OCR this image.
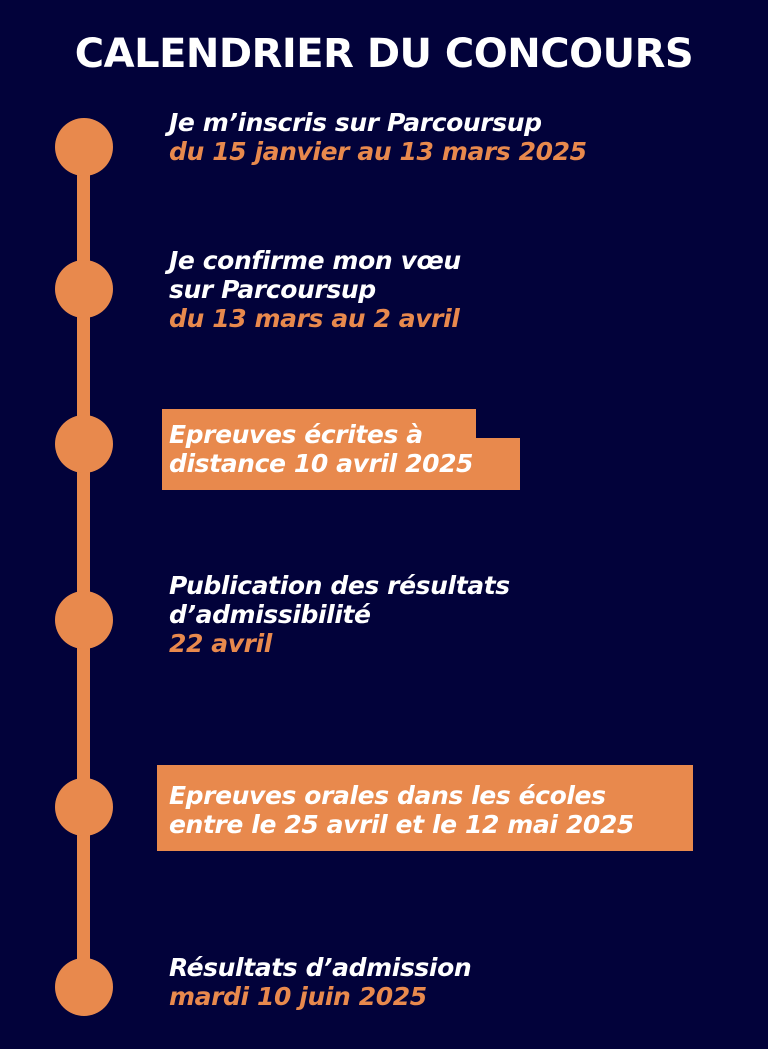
CALENDRIER DU CONCOURS
Je m’inscris sur Parcoursup
du 15 janvier au 13 mars 2025
Je confirme mon vœu
sur Parcoursup
du 13 mars au 2 avril
Epreuves écrites à
distance 10 avril 2025
Publication des résultats
d’admissibilité
22 avril
Epreuves orales dans les écoles
entre le 25 avril et le 12 mai 2025
Résultats d’admission
mardi 10 juin 2025
